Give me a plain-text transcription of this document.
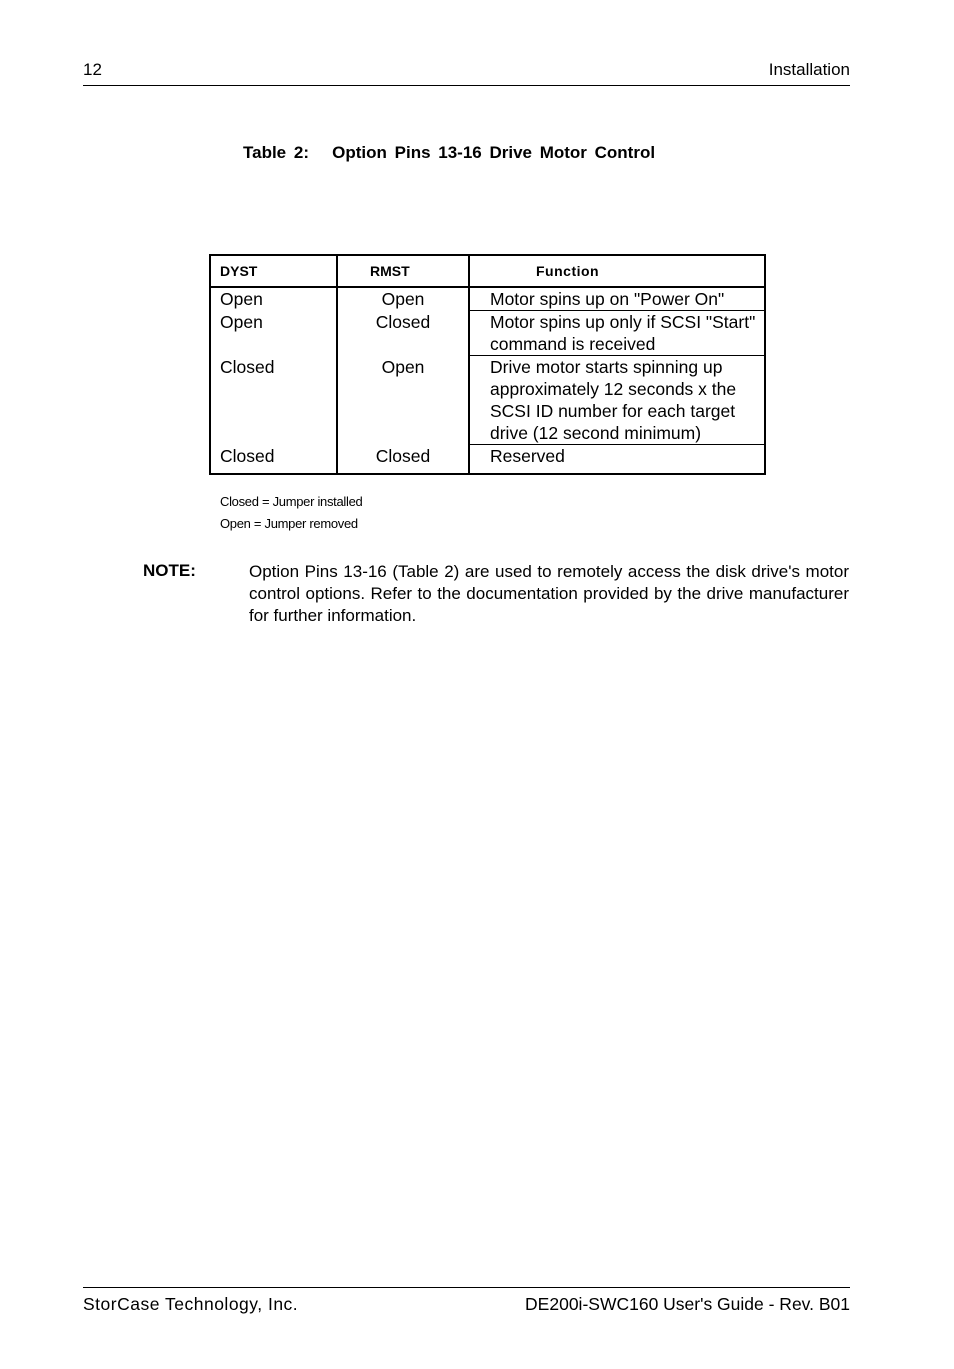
12	Installation
Table 2:   Option Pins 13-16 Drive Motor Control
DYST	RMST	Function
Open	Open	Motor spins up on "Power On"
Open	Closed	Motor spins up only if SCSI "Start" command is received
Closed	Open	Drive motor starts spinning up approximately 12 seconds x the SCSI ID number for each target drive (12 second minimum)
Closed	Closed	Reserved
Closed = Jumper installed
Open = Jumper removed
NOTE:	Option Pins 13-16 (Table 2) are used to remotely access the disk drive's motor control options. Refer to the documentation provided by the drive manufacturer for further information.
StorCase Technology, Inc.	DE200i-SWC160 User's Guide - Rev. B01
